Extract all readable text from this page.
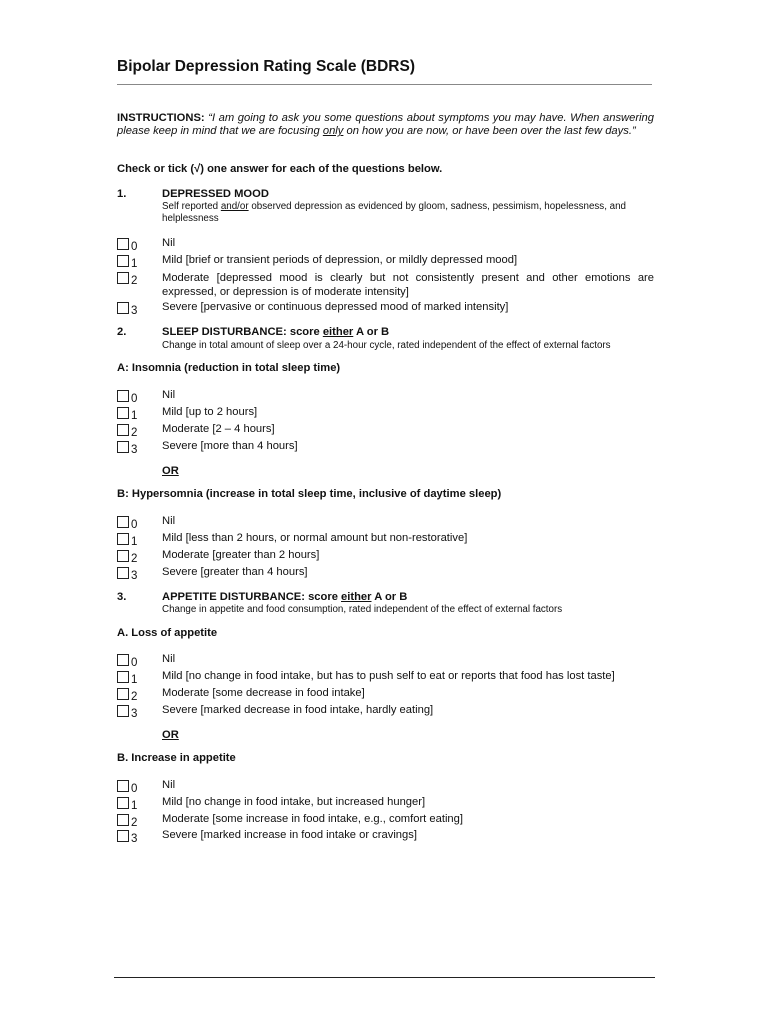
Bipolar Depression Rating Scale (BDRS)
INSTRUCTIONS: “I am going to ask you some questions about symptoms you may have. When answering please keep in mind that we are focusing only on how you are now, or have been over the last few days.”
Check or tick (√) one answer for each of the questions below.
1.	DEPRESSED MOOD
Self reported and/or observed depression as evidenced by gloom, sadness, pessimism, hopelessness, and helplessness
0 Nil
1 Mild [brief or transient periods of depression, or mildly depressed mood]
2 Moderate [depressed mood is clearly but not consistently present and other emotions are expressed, or depression is of moderate intensity]
3 Severe [pervasive or continuous depressed mood of marked intensity]
2.	SLEEP DISTURBANCE: score either A or B
Change in total amount of sleep over a 24-hour cycle, rated independent of the effect of external factors
A: Insomnia (reduction in total sleep time)
0 Nil
1 Mild [up to 2 hours]
2 Moderate [2 – 4 hours]
3 Severe [more than 4 hours]
OR
B: Hypersomnia (increase in total sleep time, inclusive of daytime sleep)
0 Nil
1 Mild [less than 2 hours, or normal amount but non-restorative]
2 Moderate [greater than 2 hours]
3 Severe [greater than 4 hours]
3.	APPETITE DISTURBANCE: score either A or B
Change in appetite and food consumption, rated independent of the effect of external factors
A. Loss of appetite
0 Nil
1 Mild [no change in food intake, but has to push self to eat or reports that food has lost taste]
2 Moderate [some decrease in food intake]
3 Severe [marked decrease in food intake, hardly eating]
OR
B. Increase in appetite
0 Nil
1 Mild [no change in food intake, but increased hunger]
2 Moderate [some increase in food intake, e.g., comfort eating]
3 Severe [marked increase in food intake or cravings]
